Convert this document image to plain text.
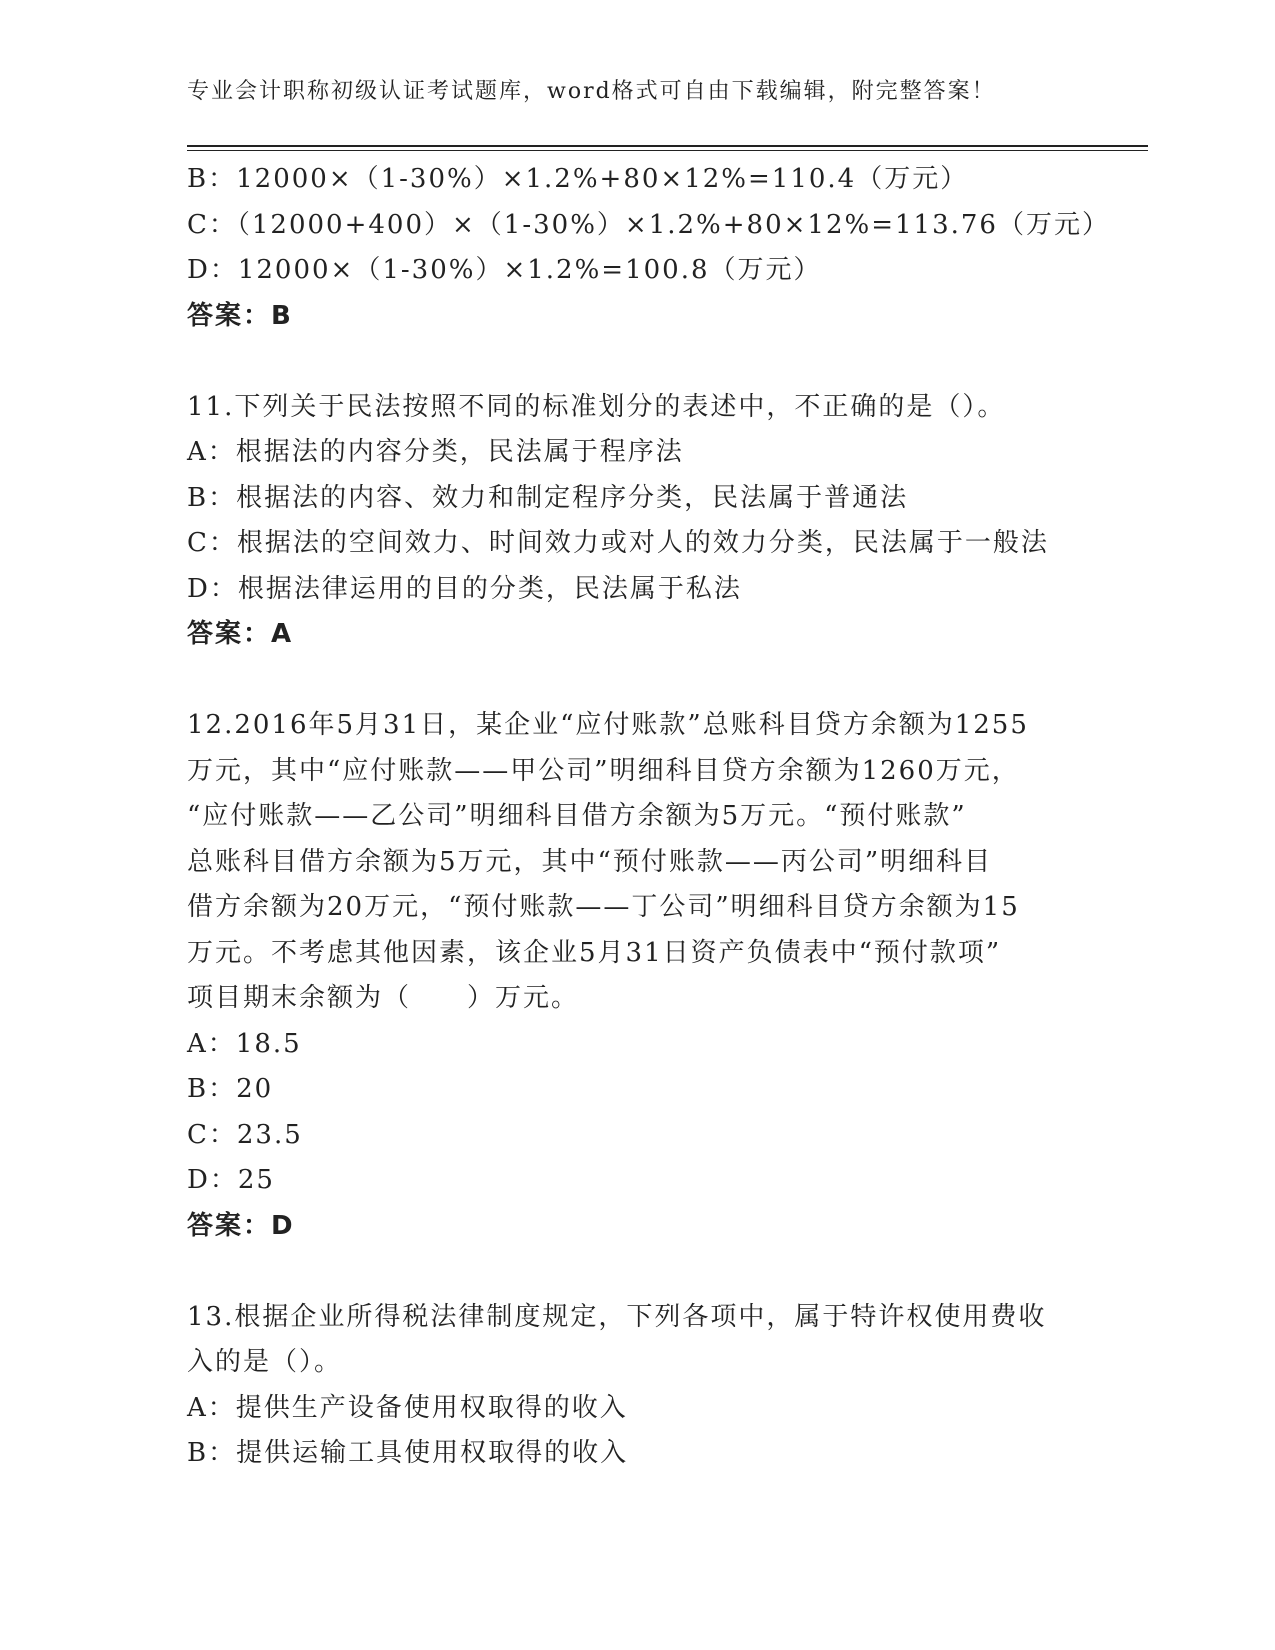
专业会计职称初级认证考试题库，word格式可自由下载编辑，附完整答案！
B：12000×（1-30%）×1.2%+80×12%=110.4（万元）
C：（12000+400）×（1-30%）×1.2%+80×12%=113.76（万元）
D：12000×（1-30%）×1.2%=100.8（万元）
答案：B
11.下列关于民法按照不同的标准划分的表述中，不正确的是（）。
A：根据法的内容分类，民法属于程序法
B：根据法的内容、效力和制定程序分类，民法属于普通法
C：根据法的空间效力、时间效力或对人的效力分类，民法属于一般法
D：根据法律运用的目的分类，民法属于私法
答案：A
12.2016年5月31日，某企业“应付账款”总账科目贷方余额为1255
万元，其中“应付账款——甲公司”明细科目贷方余额为1260万元，
“应付账款——乙公司”明细科目借方余额为5万元。“预付账款”
总账科目借方余额为5万元，其中“预付账款——丙公司”明细科目
借方余额为20万元，“预付账款——丁公司”明细科目贷方余额为15
万元。不考虑其他因素，该企业5月31日资产负债表中“预付款项”
项目期末余额为（　　）万元。
A：18.5
B：20
C：23.5
D：25
答案：D
13.根据企业所得税法律制度规定，下列各项中，属于特许权使用费收
入的是（）。
A：提供生产设备使用权取得的收入
B：提供运输工具使用权取得的收入
